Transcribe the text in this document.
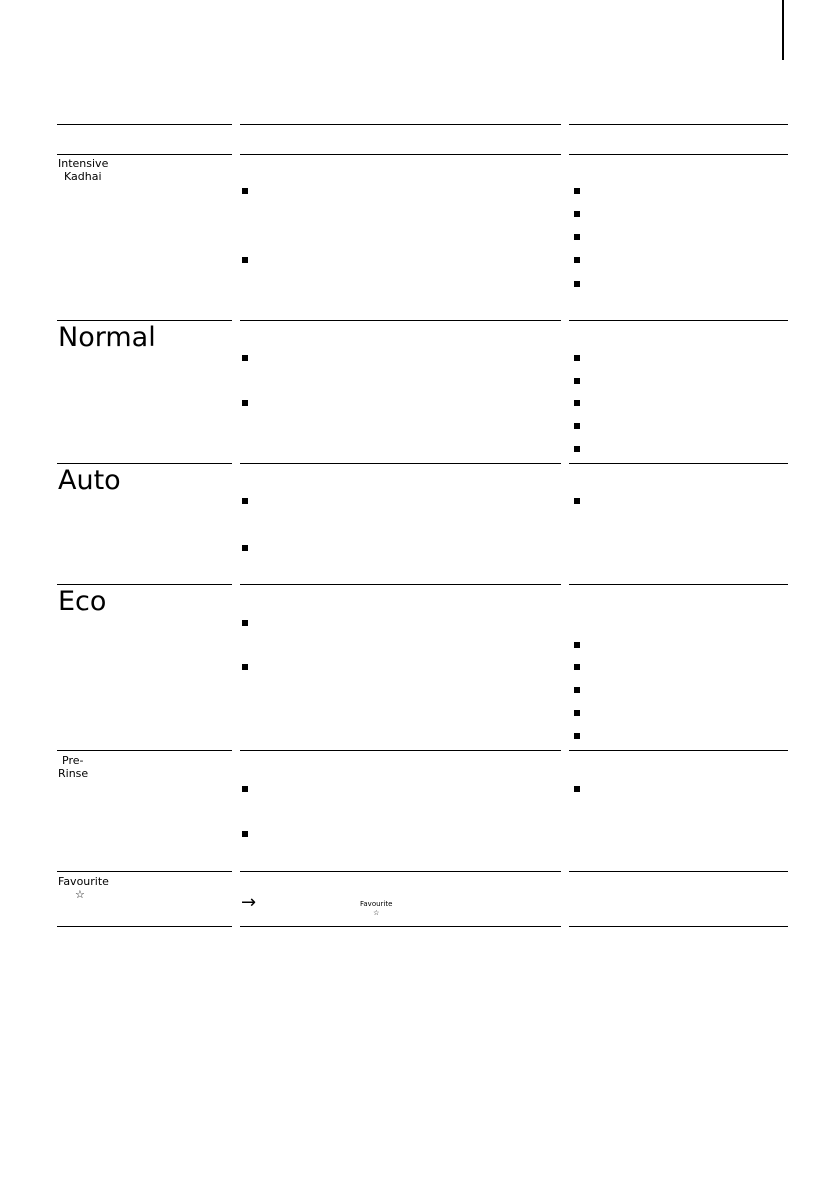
Intensive
Kadhai
Normal
Auto
Eco
Pre-
Rinse
Favourite
☆	→	Favourite
☆
